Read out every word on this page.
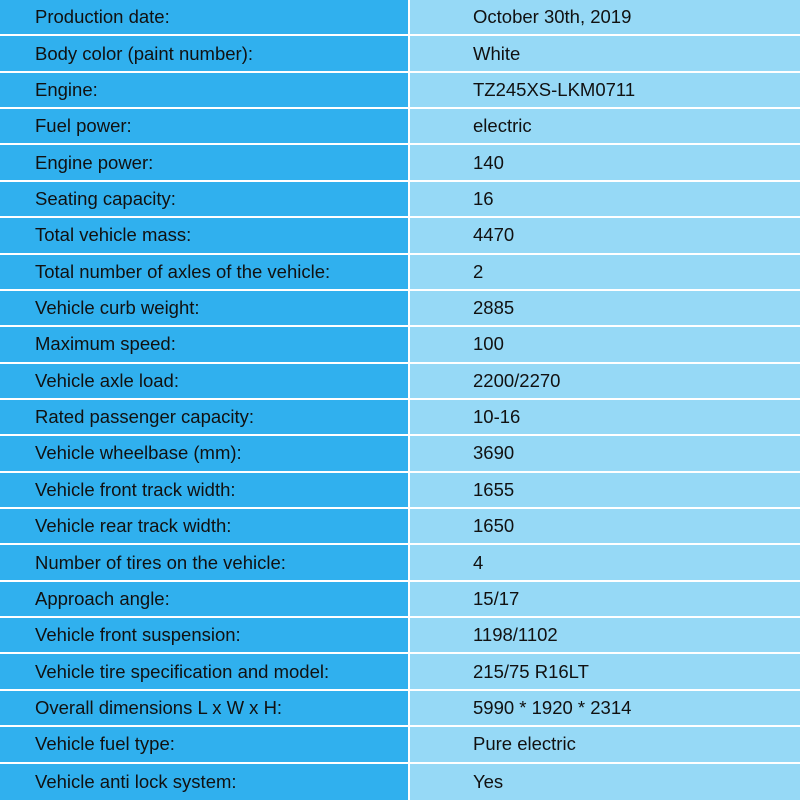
Production date:	October 30th, 2019
Body color (paint number):	White
Engine:	TZ245XS-LKM0711
Fuel power:	electric
Engine power:	140
Seating capacity:	16
Total vehicle mass:	4470
Total number of axles of the vehicle:	2
Vehicle curb weight:	2885
Maximum speed:	100
Vehicle axle load:	2200/2270
Rated passenger capacity:	10-16
Vehicle wheelbase (mm):	3690
Vehicle front track width:	1655
Vehicle rear track width:	1650
Number of tires on the vehicle:	4
Approach angle:	15/17
Vehicle front suspension:	1198/1102
Vehicle tire specification and model:	215/75 R16LT
Overall dimensions L x W x H:	5990 * 1920 * 2314
Vehicle fuel type:	Pure electric
Vehicle anti lock system:	Yes
